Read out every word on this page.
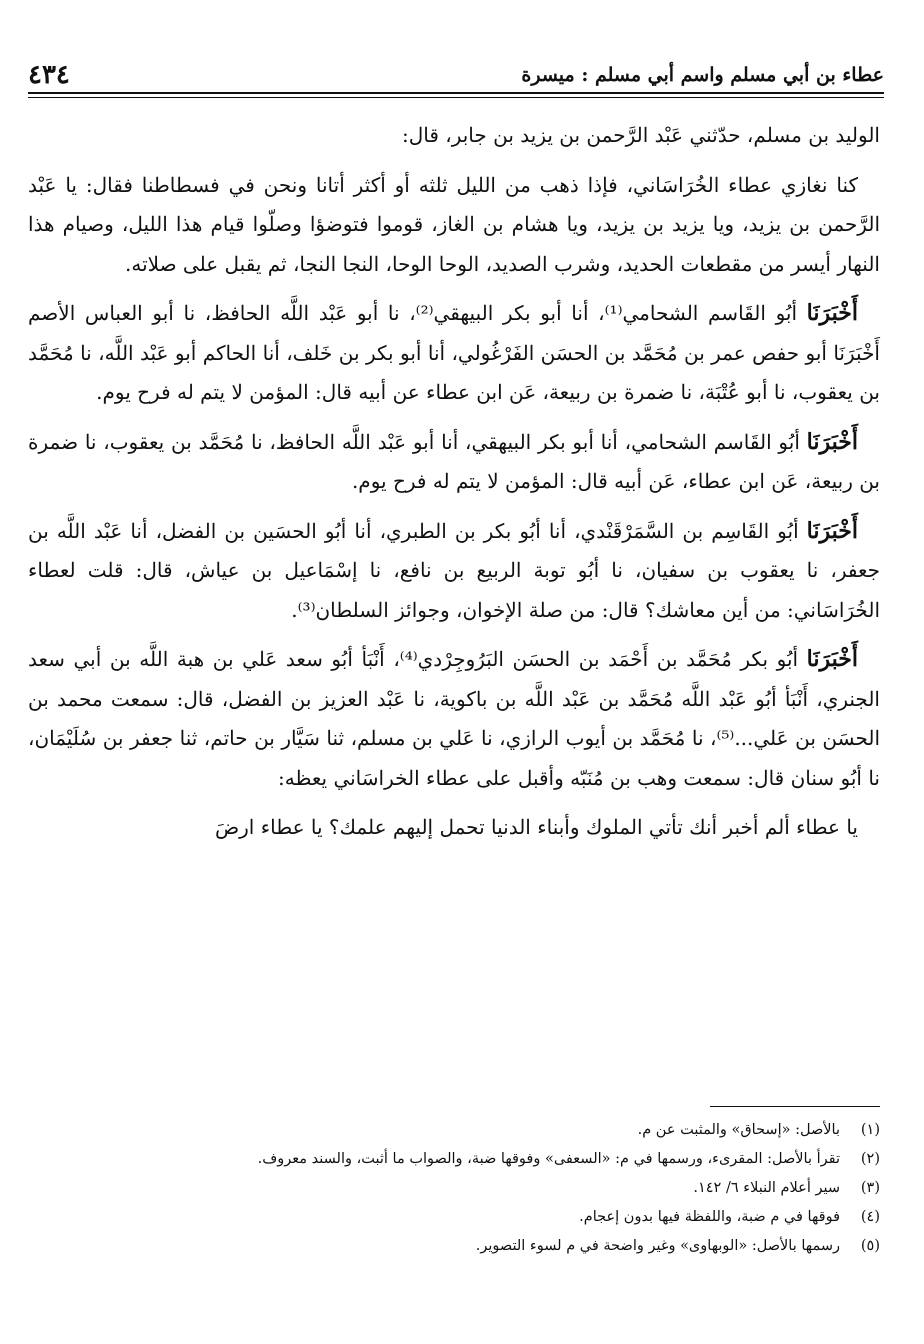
عطاء بن أبي مسلم واسم أبي مسلم : ميسرة
٤٣٤

الوليد بن مسلم، حدّثني عَبْد الرَّحمن بن يزيد بن جابر، قال:

كنا نغازي عطاء الخُرَاسَاني، فإذا ذهب من الليل ثلثه أو أكثر أتانا ونحن في فسطاطنا فقال: يا عَبْد الرَّحمن بن يزيد، ويا يزيد بن يزيد، ويا هشام بن الغاز، قوموا فتوضؤا وصلّوا قيام هذا الليل، وصيام هذا النهار أيسر من مقطعات الحديد، وشرب الصديد، الوحا الوحا، النجا النجا، ثم يقبل على صلاته.

أَخْبَرَنَا أبُو القَاسم الشحامي⁽¹⁾، أنا أبو بكر البيهقي⁽²⁾، نا أبو عَبْد اللَّه الحافظ، نا أبو العباس الأصم أَخْبَرَنَا أبو حفص عمر بن مُحَمَّد بن الحسَن الفَرْغُولي، أنا أبو بكر بن خَلف، أنا الحاكم أبو عَبْد اللَّه، نا مُحَمَّد بن يعقوب، نا أبو عُتْبَة، نا ضمرة بن ربيعة، عَن ابن عطاء عن أبيه قال: المؤمن لا يتم له فرح يوم.

أَخْبَرَنَا أبُو القَاسم الشحامي، أنا أبو بكر البيهقي، أنا أبو عَبْد اللَّه الحافظ، نا مُحَمَّد بن يعقوب، نا ضمرة بن ربيعة، عَن ابن عطاء، عَن أبيه قال: المؤمن لا يتم له فرح يوم.

أَخْبَرَنَا أبُو القَاسِم بن السَّمَرْقَنْدي، أنا أبُو بكر بن الطبري، أنا أبُو الحسَين بن الفضل، أنا عَبْد اللَّه بن جعفر، نا يعقوب بن سفيان، نا أبُو توبة الربيع بن نافع، نا إسْمَاعيل بن عياش، قال: قلت لعطاء الخُرَاسَاني: من أين معاشك؟ قال: من صلة الإخوان، وجوائز السلطان⁽³⁾.

أَخْبَرَنَا أبُو بكر مُحَمَّد بن أَحْمَد بن الحسَن البَرُوجِرْدي⁽⁴⁾، أَنْبَأ أبُو سعد عَلي بن هبة اللَّه بن أبي سعد الجنري، أَنْبَأ أبُو عَبْد اللَّه مُحَمَّد بن عَبْد اللَّه بن باكوية، نا عَبْد العزيز بن الفضل، قال: سمعت محمد بن الحسَن بن عَلي...⁽⁵⁾، نا مُحَمَّد بن أيوب الرازي، نا عَلي بن مسلم، ثنا سَيَّار بن حاتم، ثنا جعفر بن سُلَيْمَان، نا أبُو سنان قال: سمعت وهب بن مُنَبّه وأقبل على عطاء الخراسَاني يعظه:

يا عطاء ألم أخبر أنك تأتي الملوك وأبناء الدنيا تحمل إليهم علمك؟ يا عطاء ارضَ

(١)
بالأصل: «إسحاق» والمثبت عن م.
(٢)
تقرأ بالأصل: المقرىء، ورسمها في م: «السعفى» وفوقها ضبة، والصواب ما أثبت، والسند معروف.
(٣)
سير أعلام النبلاء ٦/ ١٤٢.
(٤)
فوقها في م ضبة، واللفظة فيها بدون إعجام.
(٥)
رسمها بالأصل: «الوبهاوى» وغير واضحة في م لسوء التصوير.
